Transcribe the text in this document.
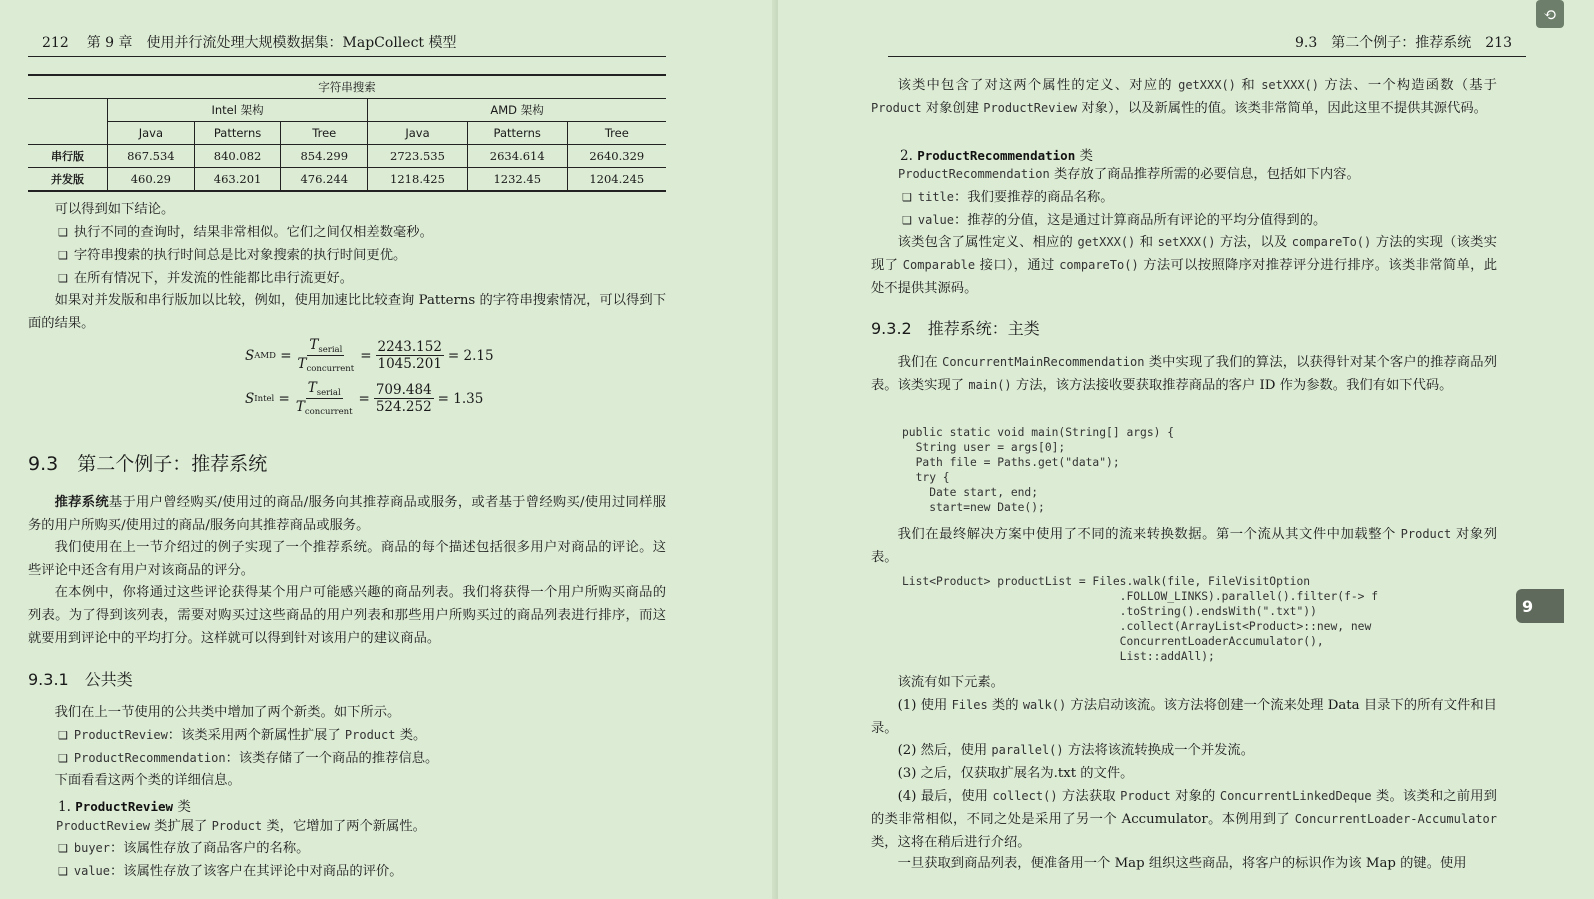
212 第 9 章　使用并行流处理大规模数据集：MapCollect 模型
字符串搜索						
	Intel 架构			AMD 架构		
	Java	Patterns	Tree	Java	Patterns	Tree
串行版	867.534	840.082	854.299	2723.535	2634.614	2640.329
并发版	460.29	463.201	476.244	1218.425	1232.45	1204.245
可以得到如下结论。
❑ 执行不同的查询时，结果非常相似。它们之间仅相差数毫秒。
❑ 字符串搜索的执行时间总是比对象搜索的执行时间更优。
❑ 在所有情况下，并发流的性能都比串行流更好。
如果对并发版和串行版加以比较，例如，使用加速比比较查询 Patterns 的字符串搜索情况，可以得到下面的结果。
S AMD = $\frac{T_{serial}}{T_{concurrent}} = \frac{2243.152}{1045.201} = 2.15$
S Intel = $\frac{T_{serial}}{T_{concurrent}} = \frac{709.484}{524.252} = 1.35$
9.3　第二个例子：推荐系统
推荐系统基于用户曾经购买/使用过的商品/服务向其推荐商品或服务，或者基于曾经购买/使用过同样服务的用户所购买/使用过的商品/服务向其推荐商品或服务。
我们使用在上一节介绍过的例子实现了一个推荐系统。商品的每个描述包括很多用户对商品的评论。这些评论中还含有用户对该商品的评分。
在本例中，你将通过这些评论获得某个用户可能感兴趣的商品列表。我们将获得一个用户所购买商品的列表。为了得到该列表，需要对购买过这些商品的用户列表和那些用户所购买过的商品列表进行排序，而这就要用到评论中的平均打分。这样就可以得到针对该用户的建议商品。
9.3.1　公共类
我们在上一节使用的公共类中增加了两个新类。如下所示。
❑ ProductReview：该类采用两个新属性扩展了 Product 类。
❑ ProductRecommendation：该类存储了一个商品的推荐信息。
下面看看这两个类的详细信息。
1. ProductReview 类
ProductReview 类扩展了 Product 类，它增加了两个新属性。
❑ buyer：该属性存放了商品客户的名称。
❑ value：该属性存放了该客户在其评论中对商品的评价。
9.3　第二个例子：推荐系统 213
该类中包含了对这两个属性的定义、对应的 getXXX() 和 setXXX() 方法、一个构造函数（基于 Product 对象创建 ProductReview 对象），以及新属性的值。该类非常简单，因此这里不提供其源代码。
2. ProductRecommendation 类
ProductRecommendation 类存放了商品推荐所需的必要信息，包括如下内容。
❑ title：我们要推荐的商品名称。
❑ value：推荐的分值，这是通过计算商品所有评论的平均分值得到的。
该类包含了属性定义、相应的 getXXX() 和 setXXX() 方法，以及 compareTo() 方法的实现（该类实现了 Comparable 接口），通过 compareTo() 方法可以按照降序对推荐评分进行排序。该类非常简单，此处不提供其源码。
9.3.2　推荐系统：主类
我们在 ConcurrentMainRecommendation 类中实现了我们的算法，以获得针对某个客户的推荐商品列表。该类实现了 main() 方法，该方法接收要获取推荐商品的客户 ID 作为参数。我们有如下代码。
public static void main(String[] args) {
String user = args[0];
Path file = Paths.get("data");
try {
Date start, end;
start=new Date();
我们在最终解决方案中使用了不同的流来转换数据。第一个流从其文件中加载整个 Product 对象列表。
List<Product> productList = Files.walk(file, FileVisitOption
.FOLLOW_LINKS).parallel().filter(f-> f
.toString().endsWith(".txt"))
.collect(ArrayList<Product>::new, new
ConcurrentLoaderAccumulator(),
List::addAll);
该流有如下元素。
(1) 使用 Files 类的 walk() 方法启动该流。该方法将创建一个流来处理 Data 目录下的所有文件和目录。
(2) 然后，使用 parallel() 方法将该流转换成一个并发流。
(3) 之后，仅获取扩展名为.txt 的文件。
(4) 最后，使用 collect() 方法获取 Product 对象的 ConcurrentLinkedDeque 类。该类和之前用到的类非常相似，不同之处是采用了另一个 Accumulator。本例用到了 ConcurrentLoader-Accumulator 类，这将在稍后进行介绍。
一旦获取到商品列表，便准备用一个 Map 组织这些商品，将客户的标识作为该 Map 的键。使用
⟲
9
